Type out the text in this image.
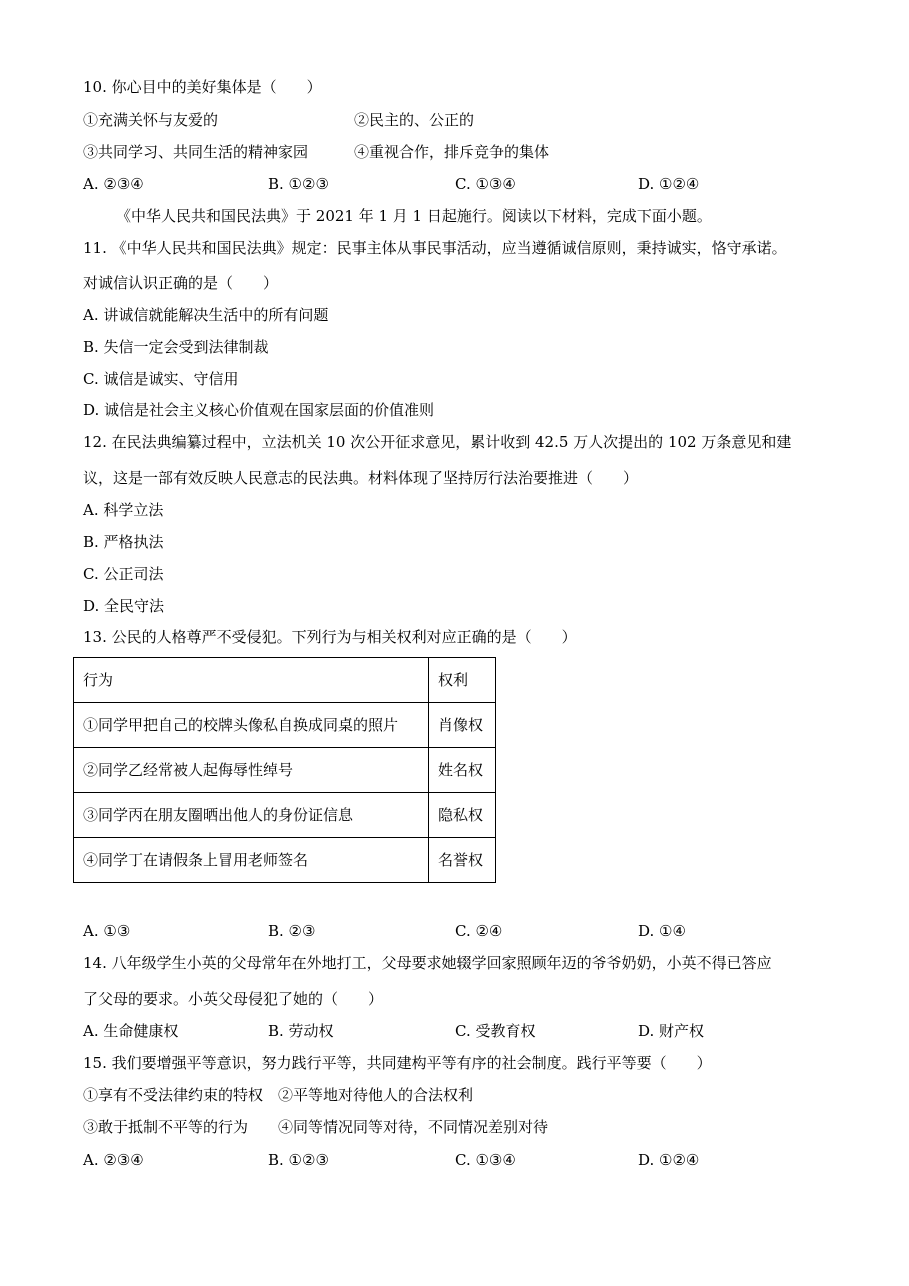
10. 你心目中的美好集体是（　　）
①充满关怀与友爱的	②民主的、公正的
③共同学习、共同生活的精神家园	④重视合作，排斥竞争的集体
A. ②③④	B. ①②③	C. ①③④	D. ①②④
《中华人民共和国民法典》于 2021 年 1 月 1 日起施行。阅读以下材料，完成下面小题。
11. 《中华人民共和国民法典》规定：民事主体从事民事活动，应当遵循诚信原则，秉持诚实，恪守承诺。
对诚信认识正确的是（　　）
A. 讲诚信就能解决生活中的所有问题
B. 失信一定会受到法律制裁
C. 诚信是诚实、守信用
D. 诚信是社会主义核心价值观在国家层面的价值准则
12. 在民法典编纂过程中，立法机关 10 次公开征求意见，累计收到 42.5 万人次提出的 102 万条意见和建
议，这是一部有效反映人民意志的民法典。材料体现了坚持厉行法治要推进（　　）
A. 科学立法
B. 严格执法
C. 公正司法
D. 全民守法
13. 公民的人格尊严不受侵犯。下列行为与相关权利对应正确的是（　　）
行为	权利
①同学甲把自己的校牌头像私自换成同桌的照片	肖像权
②同学乙经常被人起侮辱性绰号	姓名权
③同学丙在朋友圈晒出他人的身份证信息	隐私权
④同学丁在请假条上冒用老师签名	名誉权
A. ①③	B. ②③	C. ②④	D. ①④
14. 八年级学生小英的父母常年在外地打工，父母要求她辍学回家照顾年迈的爷爷奶奶，小英不得已答应
了父母的要求。小英父母侵犯了她的（　　）
A. 生命健康权	B. 劳动权	C. 受教育权	D. 财产权
15. 我们要增强平等意识，努力践行平等，共同建构平等有序的社会制度。践行平等要（　　）
①享有不受法律约束的特权　②平等地对待他人的合法权利
③敢于抵制不平等的行为　　④同等情况同等对待，不同情况差别对待
A. ②③④	B. ①②③	C. ①③④	D. ①②④
